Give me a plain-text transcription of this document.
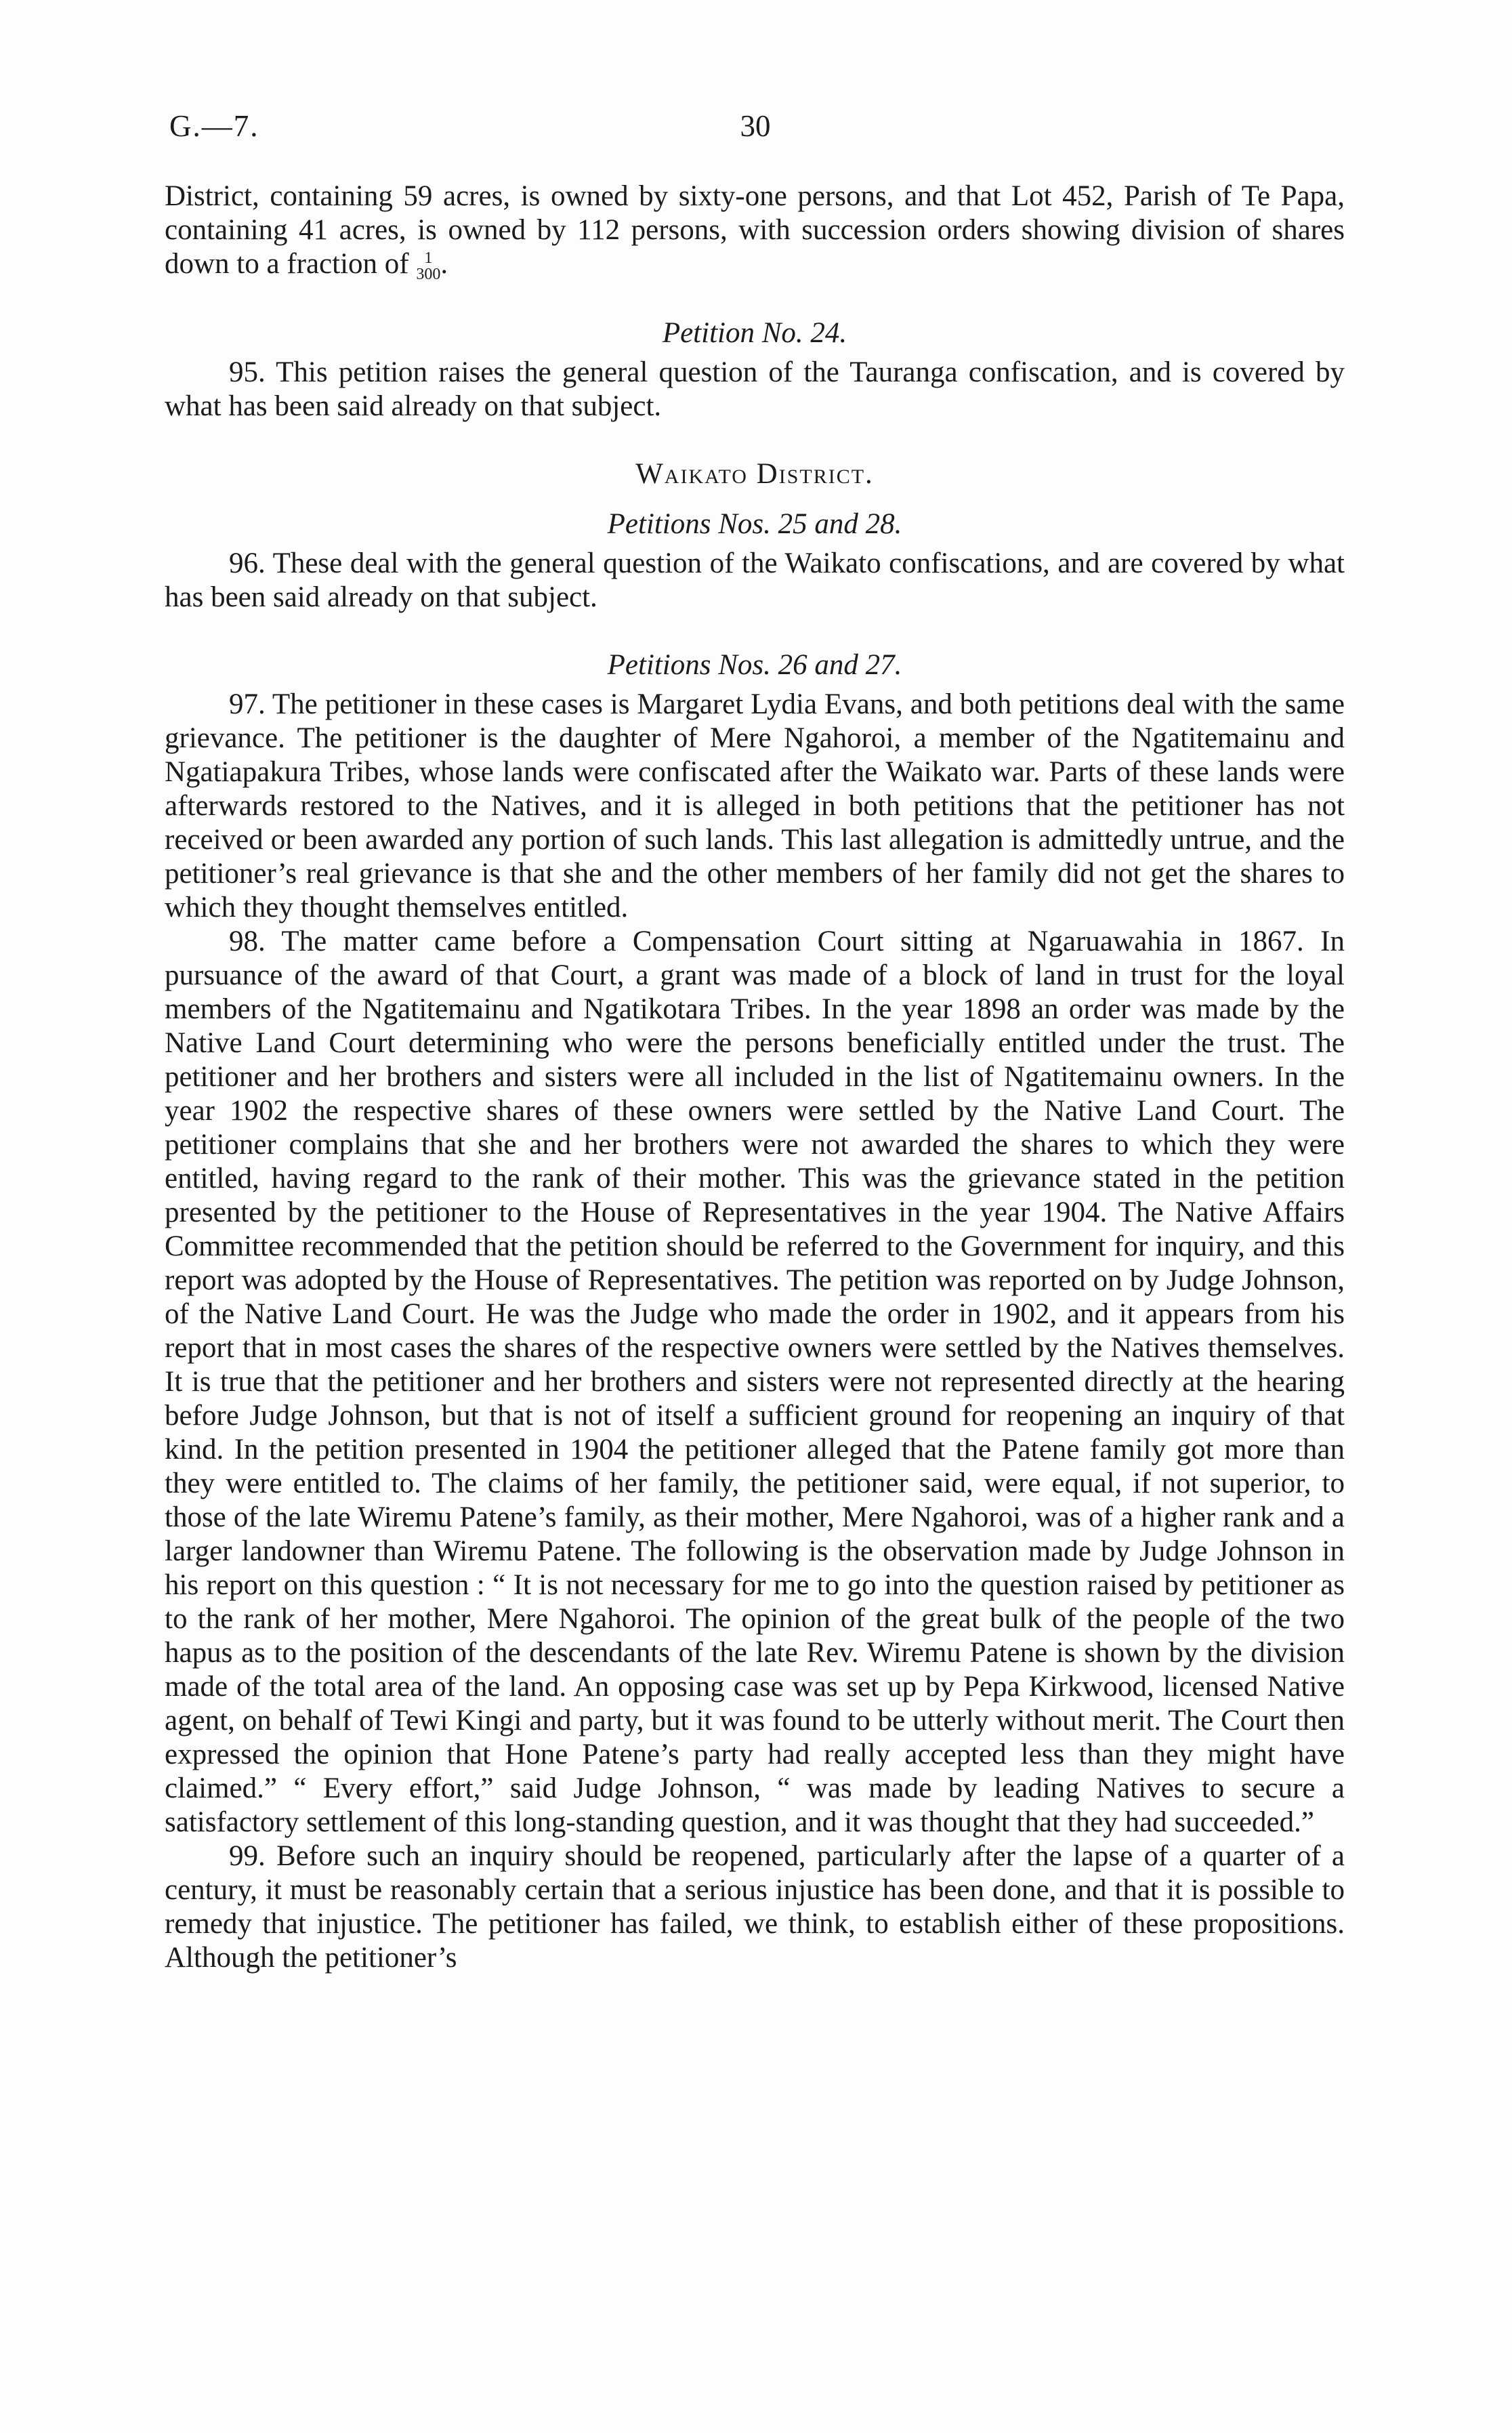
G.—7.	30

District, containing 59 acres, is owned by sixty-one persons, and that Lot 452, Parish of Te Papa, containing 41 acres, is owned by 112 persons, with succession orders showing division of shares down to a fraction of 1
300 .

Petition No. 24.

95. This petition raises the general question of the Tauranga confiscation, and is covered by what has been said already on that subject.

Waikato District.
Petitions Nos. 25 and 28.

96. These deal with the general question of the Waikato confiscations, and are covered by what has been said already on that subject.

Petitions Nos. 26 and 27.

97. The petitioner in these cases is Margaret Lydia Evans, and both petitions deal with the same grievance. The petitioner is the daughter of Mere Ngahoroi, a member of the Ngatitemainu and Ngatiapakura Tribes, whose lands were confiscated after the Waikato war. Parts of these lands were afterwards restored to the Natives, and it is alleged in both petitions that the petitioner has not received or been awarded any portion of such lands. This last allegation is admittedly untrue, and the petitioner’s real grievance is that she and the other members of her family did not get the shares to which they thought themselves entitled.

98. The matter came before a Compensation Court sitting at Ngaruawahia in 1867. In pursuance of the award of that Court, a grant was made of a block of land in trust for the loyal members of the Ngatitemainu and Ngatikotara Tribes. In the year 1898 an order was made by the Native Land Court determining who were the persons beneficially entitled under the trust. The petitioner and her brothers and sisters were all included in the list of Ngatitemainu owners. In the year 1902 the respective shares of these owners were settled by the Native Land Court. The petitioner complains that she and her brothers were not awarded the shares to which they were entitled, having regard to the rank of their mother. This was the grievance stated in the petition presented by the petitioner to the House of Representatives in the year 1904. The Native Affairs Committee recommended that the petition should be referred to the Government for inquiry, and this report was adopted by the House of Representatives. The petition was reported on by Judge Johnson, of the Native Land Court. He was the Judge who made the order in 1902, and it appears from his report that in most cases the shares of the respective owners were settled by the Natives themselves. It is true that the petitioner and her brothers and sisters were not represented directly at the hearing before Judge Johnson, but that is not of itself a sufficient ground for reopening an inquiry of that kind. In the petition presented in 1904 the petitioner alleged that the Patene family got more than they were entitled to. The claims of her family, the petitioner said, were equal, if not superior, to those of the late Wiremu Patene’s family, as their mother, Mere Ngahoroi, was of a higher rank and a larger landowner than Wiremu Patene. The following is the observation made by Judge Johnson in his report on this question : “ It is not necessary for me to go into the question raised by petitioner as to the rank of her mother, Mere Ngahoroi. The opinion of the great bulk of the people of the two hapus as to the position of the descendants of the late Rev. Wiremu Patene is shown by the division made of the total area of the land. An opposing case was set up by Pepa Kirkwood, licensed Native agent, on behalf of Tewi Kingi and party, but it was found to be utterly without merit. The Court then expressed the opinion that Hone Patene’s party had really accepted less than they might have claimed.” “ Every effort,” said Judge Johnson, “ was made by leading Natives to secure a satisfactory settlement of this long-standing question, and it was thought that they had succeeded.”

99. Before such an inquiry should be reopened, particularly after the lapse of a quarter of a century, it must be reasonably certain that a serious injustice has been done, and that it is possible to remedy that injustice. The petitioner has failed, we think, to establish either of these propositions. Although the petitioner’s
